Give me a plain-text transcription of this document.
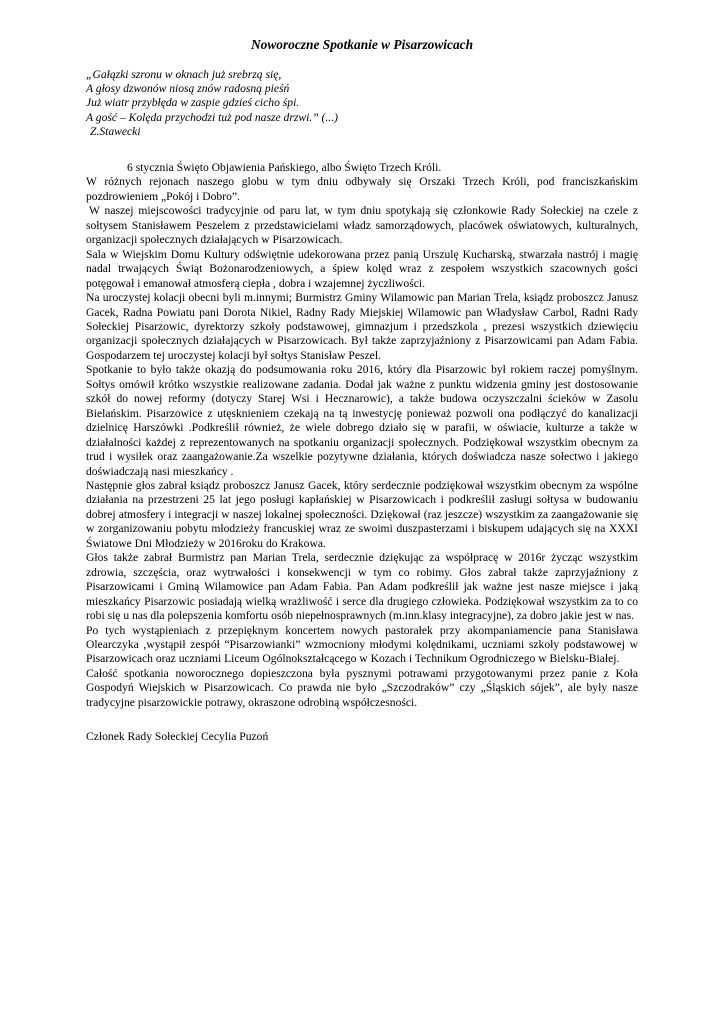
Noworoczne Spotkanie w Pisarzowicach
„Gałązki szronu w oknach już srebrzą się,
A głosy dzwonów niosą znów radosną pieśń
Już wiatr przybłęda w zaspie gdzieś cicho śpi.
A gość – Kolęda przychodzi tuż pod nasze drzwi.” (...)
Z.Stawecki

6 stycznia Święto Objawienia Pańskiego, albo Święto Trzech Króli.

W różnych rejonach naszego globu w tym dniu odbywały się Orszaki Trzech Króli, pod franciszkańskim pozdrowieniem „Pokój i Dobro”.

W naszej miejscowości tradycyjnie od paru lat, w tym dniu spotykają się członkowie Rady Sołeckiej na czele z sołtysem Stanisławem Peszelem z przedstawicielami władz samorządowych, placówek oświatowych, kulturalnych, organizacji społecznych działających w Pisarzowicach.

Sala w Wiejskim Domu Kultury odświętnie udekorowana przez panią Urszulę Kucharską, stwarzała nastrój i magię nadal trwających Świąt Bożonarodzeniowych, a śpiew kolęd wraz z zespołem wszystkich szacownych gości potęgował i emanował atmosferą ciepła , dobra i wzajemnej życzliwości.

Na uroczystej kolacji obecni byli m.innymi; Burmistrz Gminy Wilamowic pan Marian Trela, ksiądz proboszcz Janusz Gacek, Radna Powiatu pani Dorota Nikiel, Radny Rady Miejskiej Wilamowic pan Władysław Carbol, Radni Rady Sołeckiej Pisarzowic, dyrektorzy szkoły podstawowej, gimnazjum i przedszkola , prezesi wszystkich dziewięciu organizacji społecznych działających w Pisarzowicach. Był także zaprzyjaźniony z Pisarzowicami pan Adam Fabia. Gospodarzem tej uroczystej kolacji był sołtys Stanisław Peszel.

Spotkanie to było także okazją do podsumowania roku 2016, który dla Pisarzowic był rokiem raczej pomyślnym. Sołtys omówił krótko wszystkie realizowane zadania. Dodał jak ważne z punktu widzenia gminy jest dostosowanie szkół do nowej reformy (dotyczy Starej Wsi i Hecznarowic), a także budowa oczyszczalni ścieków w Zasolu Bielańskim. Pisarzowice z utęsknieniem czekają na tą inwestycję ponieważ pozwoli ona podłączyć do kanalizacji dzielnicę Harszówki .Podkreślił również, że wiele dobrego działo się w parafii, w oświacie, kulturze a także w działalności każdej z reprezentowanych na spotkaniu organizacji społecznych. Podziękował wszystkim obecnym za trud i wysiłek oraz zaangażowanie.Za wszelkie pozytywne działania, których doświadcza nasze sołectwo i jakiego doświadczają nasi mieszkańcy .

Następnie głos zabrał ksiądz proboszcz Janusz Gacek, który serdecznie podziękował wszystkim obecnym za wspólne działania na przestrzeni 25 lat jego posługi kapłańskiej w Pisarzowicach i podkreślił zasługi sołtysa w budowaniu dobrej atmosfery i integracji w naszej lokalnej społeczności. Dziękował (raz jeszcze) wszystkim za zaangażowanie się w zorganizowaniu pobytu młodzieży francuskiej wraz ze swoimi duszpasterzami i biskupem udających się na XXXI Światowe Dni Młodzieży w 2016roku do Krakowa.

Głos także zabrał Burmistrz pan Marian Trela, serdecznie dziękując za współpracę w 2016r życząc wszystkim zdrowia, szczęścia, oraz wytrwałości i konsekwencji w tym co robimy. Głos zabrał także zaprzyjaźniony z Pisarzowicami i Gminą Wilamowice pan Adam Fabia. Pan Adam podkreślił jak ważne jest nasze miejsce i jaką mieszkańcy Pisarzowic posiadają wielką wrażliwość i serce dla drugiego człowieka. Podziękował wszystkim za to co robi się u nas dla polepszenia komfortu osób niepełnosprawnych (m.inn.klasy integracyjne), za dobro jakie jest w nas.

Po tych wystąpieniach z przepięknym koncertem nowych pastorałek przy akompaniamencie pana Stanisława Olearczyka ,wystąpił zespół “Pisarzowianki” wzmocniony młodymi kolędnikami, uczniami szkoły podstawowej w Pisarzowicach oraz uczniami Liceum Ogólnokształcącego w Kozach i Technikum Ogrodniczego w Bielsku-Białej.

Całość spotkania noworocznego dopieszczona była pysznymi potrawami przygotowanymi przez panie z Koła Gospodyń Wiejskich w Pisarzowicach. Co prawda nie było „Szczodraków” czy „Śląskich sójek”, ale były nasze tradycyjne pisarzowickie potrawy, okraszone odrobiną współczesności.

Członek Rady Sołeckiej Cecylia Puzoń
